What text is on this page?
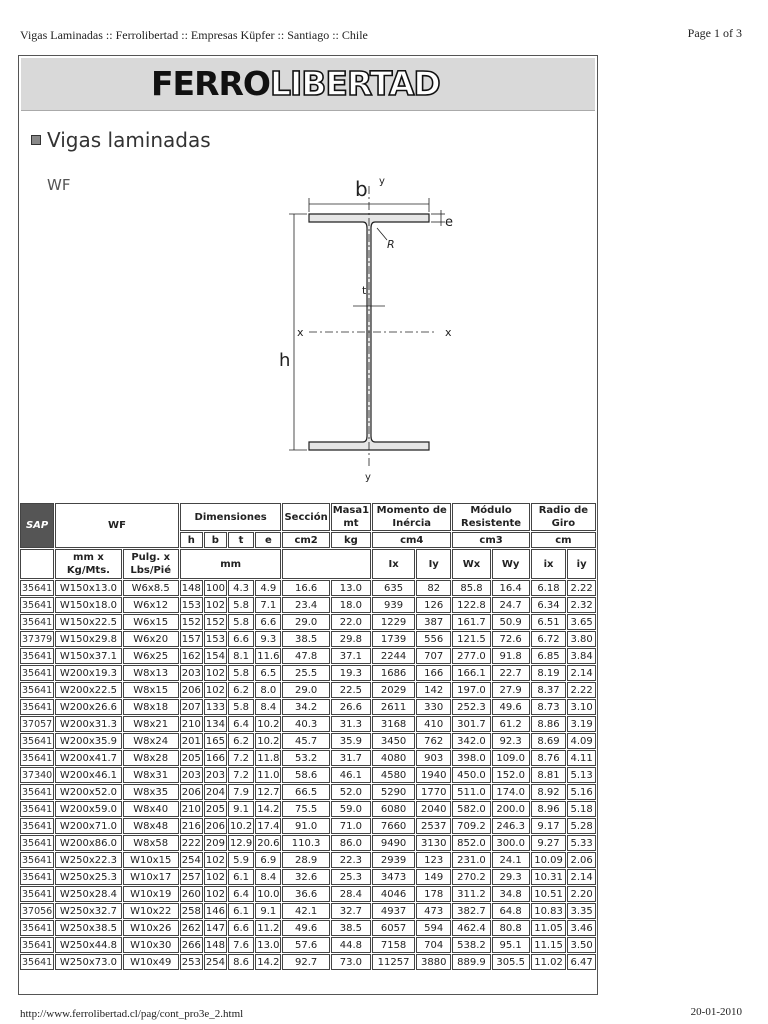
Vigas Laminadas :: Ferrolibertad :: Empresas Küpfer :: Santiago :: Chile	Page 1 of 3
FERROLIBERTAD
Vigas laminadas
WF	b y
e
R
t
x	x
h
y
SAP	WF		Dimensiones				Sección	Masa1 mt	Momento de Inércia		Módulo Resistente		Radio de Giro	
			h	b	t	e	cm2	kg	cm4		cm3		cm	
	mm x Kg/Mts.	Pulg. x Lbs/Pié	mm						Ix	Iy	Wx	Wy	ix	iy
35641	W150x13.0	W6x8.5	148	100	4.3	4.9	16.6	13.0	635	82	85.8	16.4	6.18	2.22
35641	W150x18.0	W6x12	153	102	5.8	7.1	23.4	18.0	939	126	122.8	24.7	6.34	2.32
35641	W150x22.5	W6x15	152	152	5.8	6.6	29.0	22.0	1229	387	161.7	50.9	6.51	3.65
37379	W150x29.8	W6x20	157	153	6.6	9.3	38.5	29.8	1739	556	121.5	72.6	6.72	3.80
35641	W150x37.1	W6x25	162	154	8.1	11.6	47.8	37.1	2244	707	277.0	91.8	6.85	3.84
35641	W200x19.3	W8x13	203	102	5.8	6.5	25.5	19.3	1686	166	166.1	22.7	8.19	2.14
35641	W200x22.5	W8x15	206	102	6.2	8.0	29.0	22.5	2029	142	197.0	27.9	8.37	2.22
35641	W200x26.6	W8x18	207	133	5.8	8.4	34.2	26.6	2611	330	252.3	49.6	8.73	3.10
37057	W200x31.3	W8x21	210	134	6.4	10.2	40.3	31.3	3168	410	301.7	61.2	8.86	3.19
35641	W200x35.9	W8x24	201	165	6.2	10.2	45.7	35.9	3450	762	342.0	92.3	8.69	4.09
35641	W200x41.7	W8x28	205	166	7.2	11.8	53.2	31.7	4080	903	398.0	109.0	8.76	4.11
37340	W200x46.1	W8x31	203	203	7.2	11.0	58.6	46.1	4580	1940	450.0	152.0	8.81	5.13
35641	W200x52.0	W8x35	206	204	7.9	12.7	66.5	52.0	5290	1770	511.0	174.0	8.92	5.16
35641	W200x59.0	W8x40	210	205	9.1	14.2	75.5	59.0	6080	2040	582.0	200.0	8.96	5.18
35641	W200x71.0	W8x48	216	206	10.2	17.4	91.0	71.0	7660	2537	709.2	246.3	9.17	5.28
35641	W200x86.0	W8x58	222	209	12.9	20.6	110.3	86.0	9490	3130	852.0	300.0	9.27	5.33
35641	W250x22.3	W10x15	254	102	5.9	6.9	28.9	22.3	2939	123	231.0	24.1	10.09	2.06
35641	W250x25.3	W10x17	257	102	6.1	8.4	32.6	25.3	3473	149	270.2	29.3	10.31	2.14
35641	W250x28.4	W10x19	260	102	6.4	10.0	36.6	28.4	4046	178	311.2	34.8	10.51	2.20
37056	W250x32.7	W10x22	258	146	6.1	9.1	42.1	32.7	4937	473	382.7	64.8	10.83	3.35
35641	W250x38.5	W10x26	262	147	6.6	11.2	49.6	38.5	6057	594	462.4	80.8	11.05	3.46
35641	W250x44.8	W10x30	266	148	7.6	13.0	57.6	44.8	7158	704	538.2	95.1	11.15	3.50
35641	W250x73.0	W10x49	253	254	8.6	14.2	92.7	73.0	11257	3880	889.9	305.5	11.02	6.47
http://www.ferrolibertad.cl/pag/cont_pro3e_2.html	20-01-2010
